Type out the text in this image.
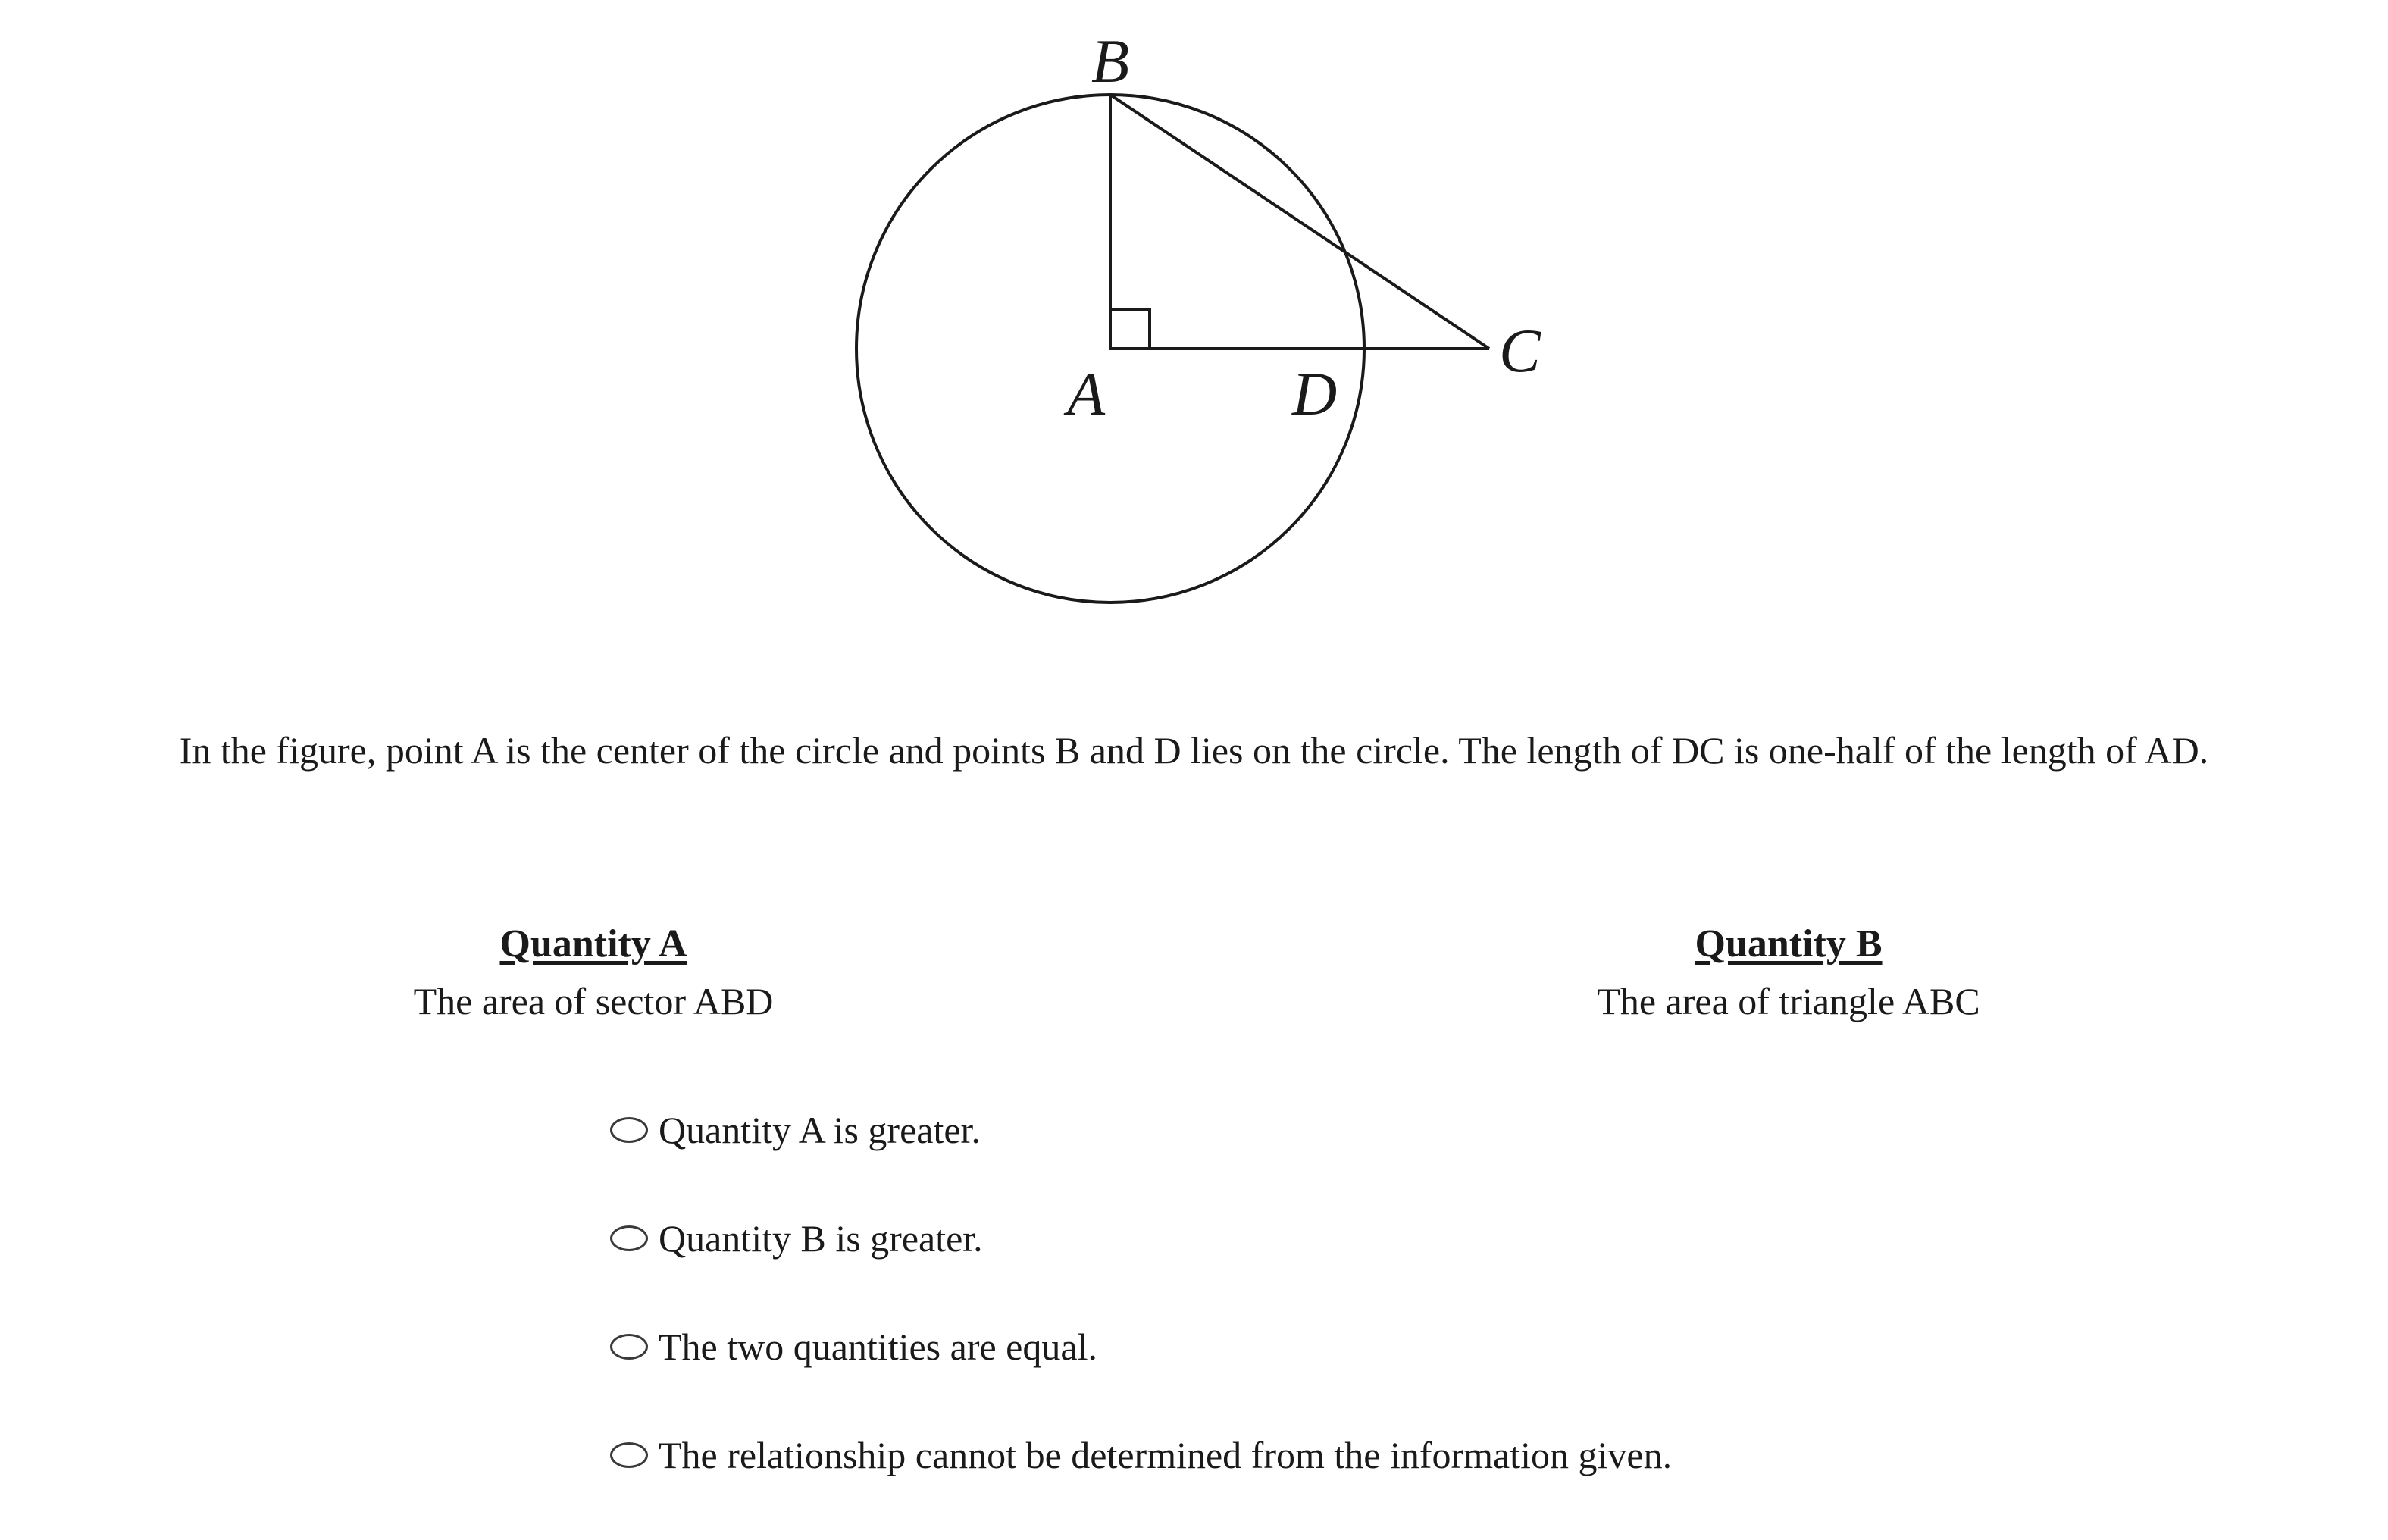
B
A	D
C
In the figure, point A is the center of the circle and points B and D lies on the circle. The length of DC is one-half of the length of AD.
Quantity A
The area of sector ABD
Quantity B
The area of triangle ABC
Quantity A is greater.
Quantity B is greater.
The two quantities are equal.
The relationship cannot be determined from the information given.
